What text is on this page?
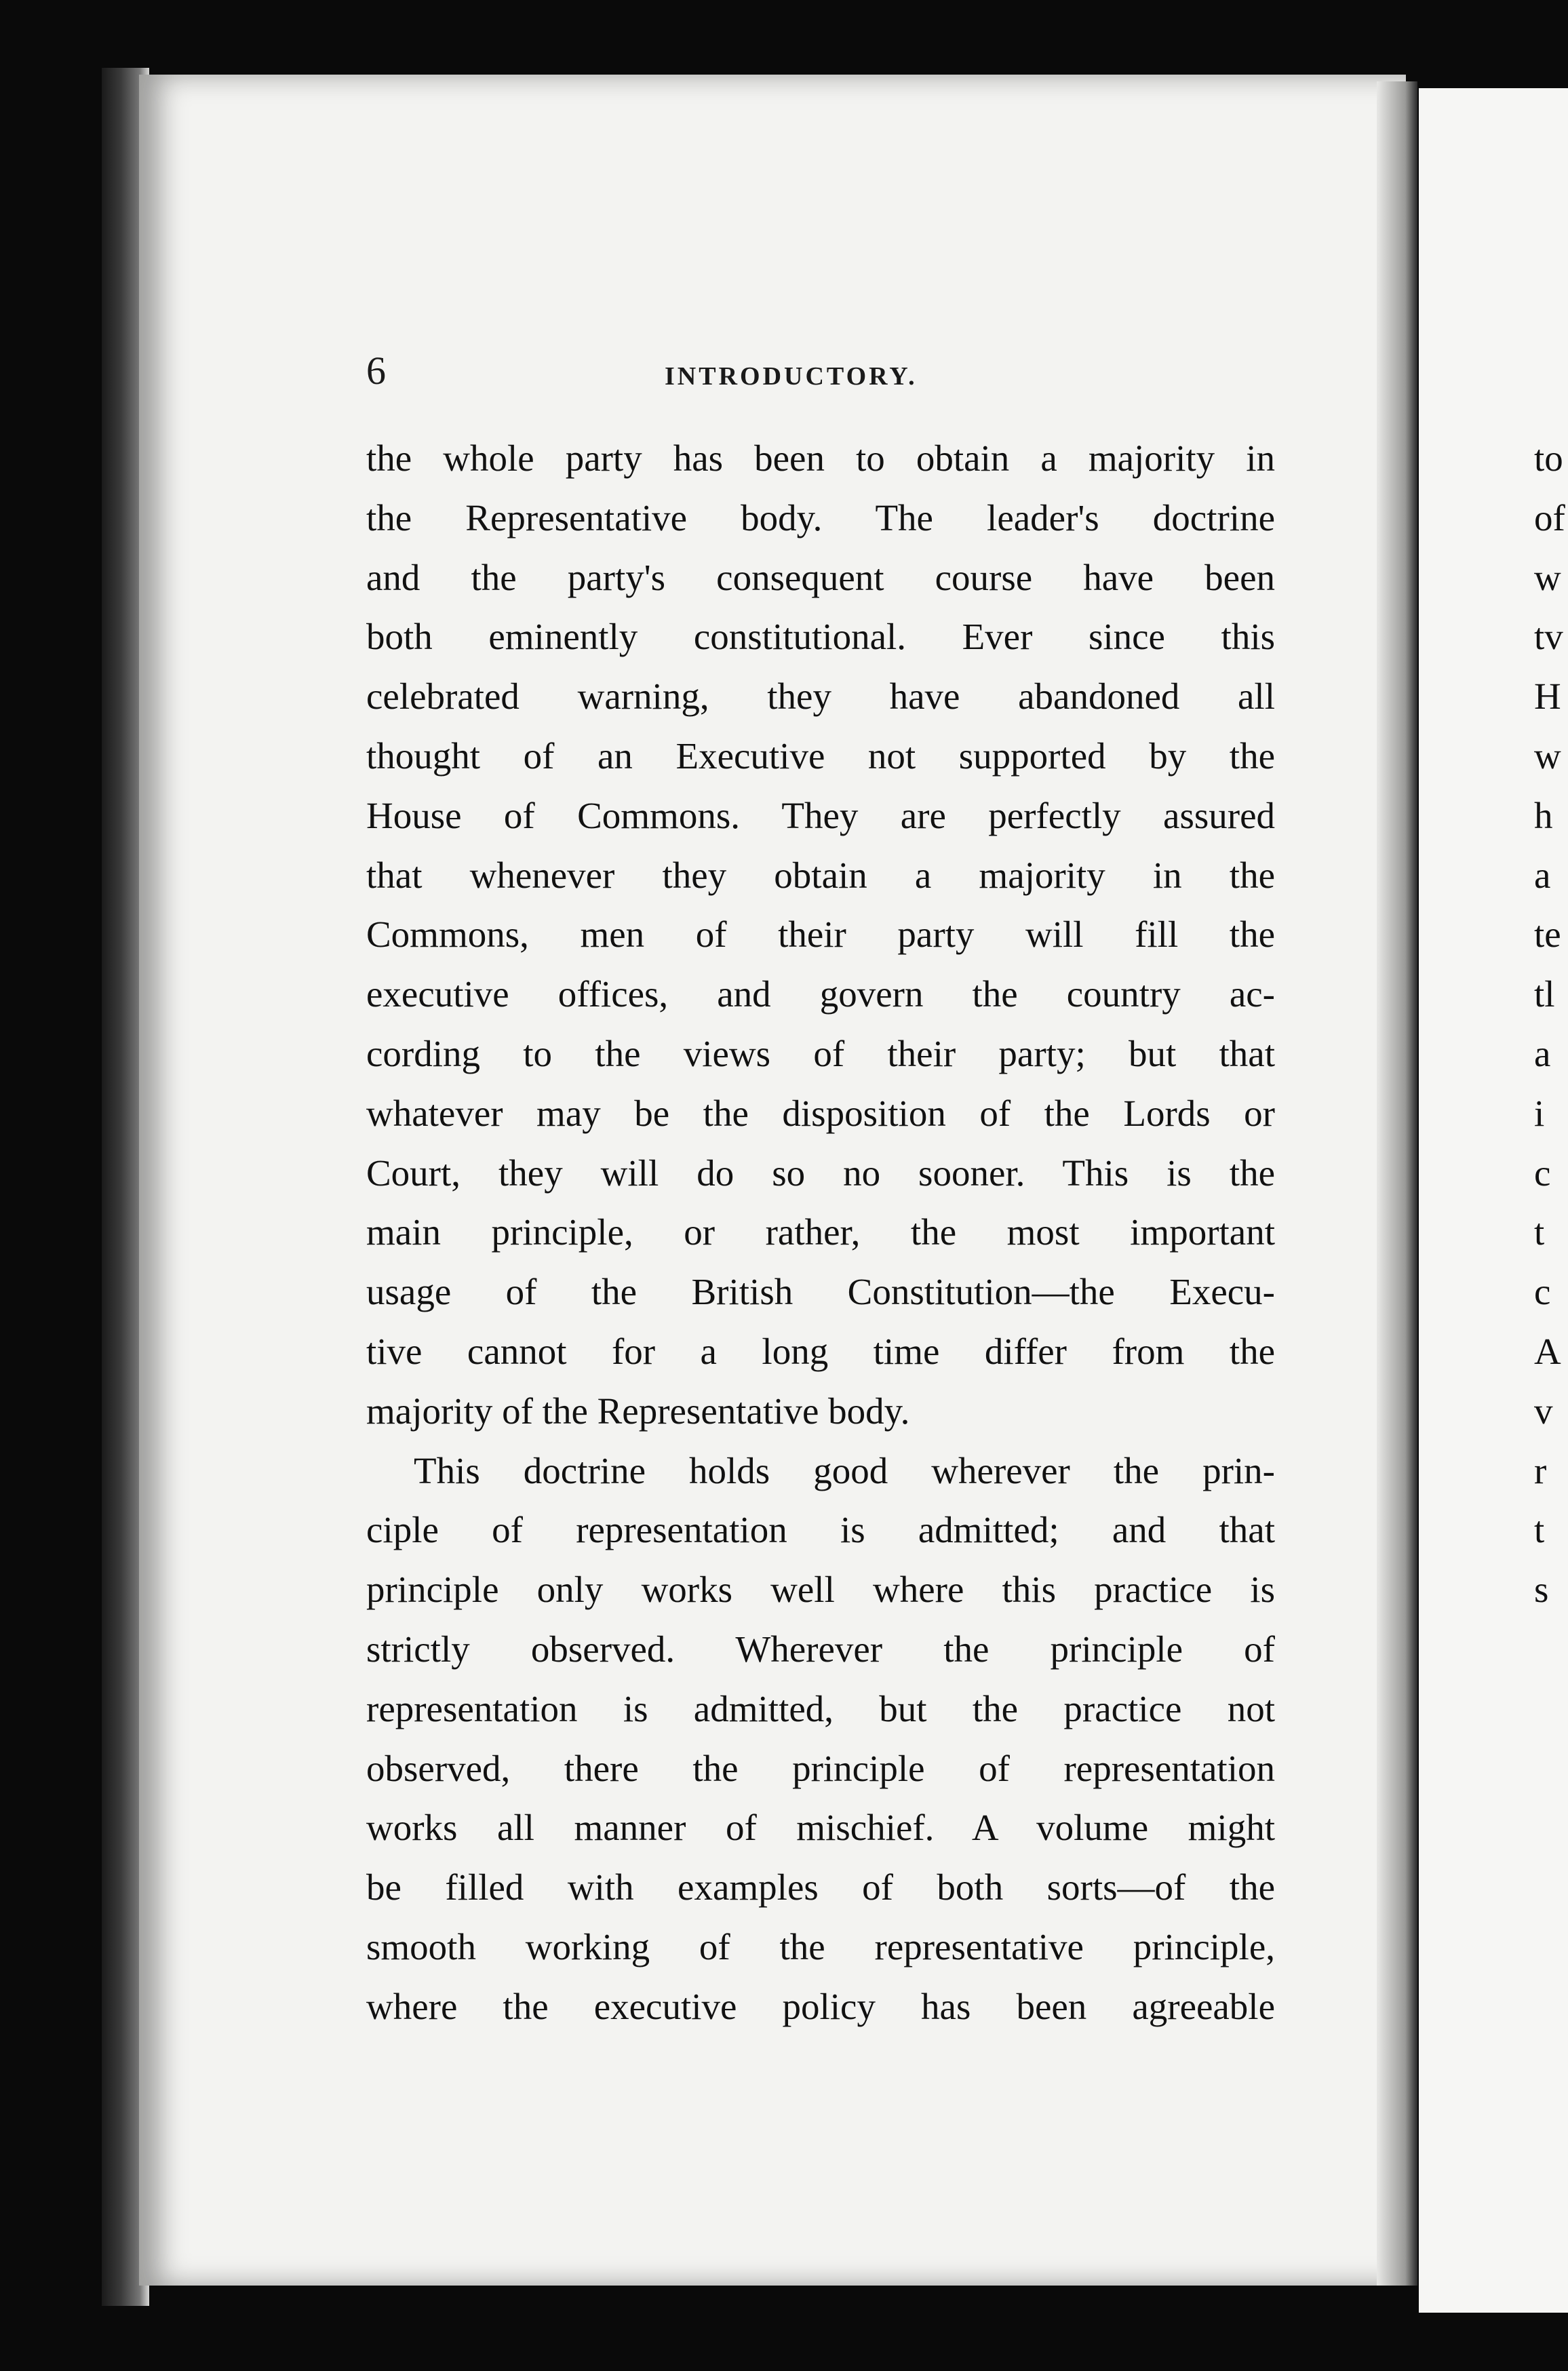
6	INTRODUCTORY.
the whole party has been to obtain a majority in
the Representative body. The leader's doctrine
and the party's consequent course have been
both eminently constitutional. Ever since this
celebrated warning, they have abandoned all
thought of an Executive not supported by the
House of Commons. They are perfectly assured
that whenever they obtain a majority in the
Commons, men of their party will fill the
executive offices, and govern the country ac-
cording to the views of their party; but that
whatever may be the disposition of the Lords or
Court, they will do so no sooner. This is the
main principle, or rather, the most important
usage of the British Constitution—the Execu-
tive cannot for a long time differ from the
majority of the Representative body.
This doctrine holds good wherever the prin-
ciple of representation is admitted; and that
principle only works well where this practice is
strictly observed. Wherever the principle of
representation is admitted, but the practice not
observed, there the principle of representation
works all manner of mischief. A volume might
be filled with examples of both sorts—of the
smooth working of the representative principle,
where the executive policy has been agreeable
to
of
w
tv
H
w
h
a
te
tl
a
i
c
t
c
A
v
r
t
s
